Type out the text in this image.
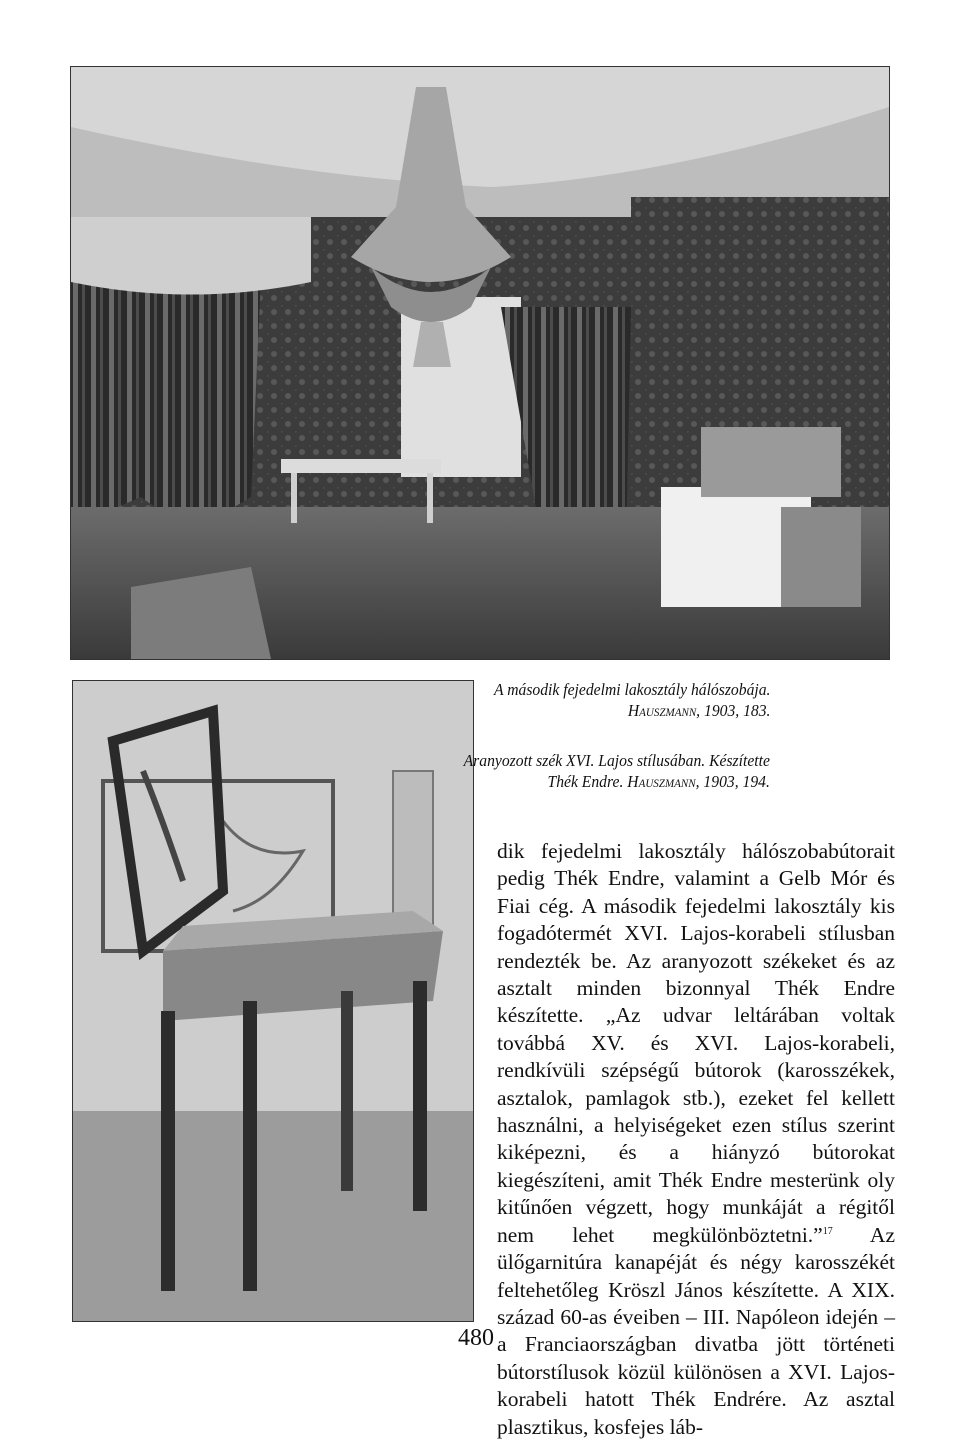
A második fejedelmi lakosztály hálószobája.
Hauszmann, 1903, 183.
Aranyozott szék XVI. Lajos stílusában. Készítette
Thék Endre. Hauszmann, 1903, 194.

dik fejedelmi lakosztály hálószobabútorait pedig Thék Endre, valamint a Gelb Mór és Fiai cég. A második fejedelmi lakosztály kis fogadótermét XVI. Lajos-korabeli stílusban rendezték be. Az aranyozott székeket és az asztalt minden bizonnyal Thék Endre készítette. „Az udvar leltárában voltak továbbá XV. és XVI. Lajos-korabeli, rendkívüli szépségű bútorok (karosszékek, asztalok, pamlagok stb.), ezeket fel kellett használni, a helyiségeket ezen stílus szerint kiképezni, és a hiányzó bútorokat kiegészíteni, amit Thék Endre mesterünk oly kitűnően végzett, hogy munkáját a régitől nem lehet megkülönböztetni.”$^{17}$ Az ülőgarnitúra kanapéját és négy karosszékét feltehetőleg Kröszl János készítette. A XIX. század 60-as éveiben – III. Napóleon idején – a Franciaországban divatba jött történeti bútorstílusok közül különösen a XVI. Lajos-korabeli hatott Thék Endrére. Az asztal plasztikus, kosfejes láb-

480
